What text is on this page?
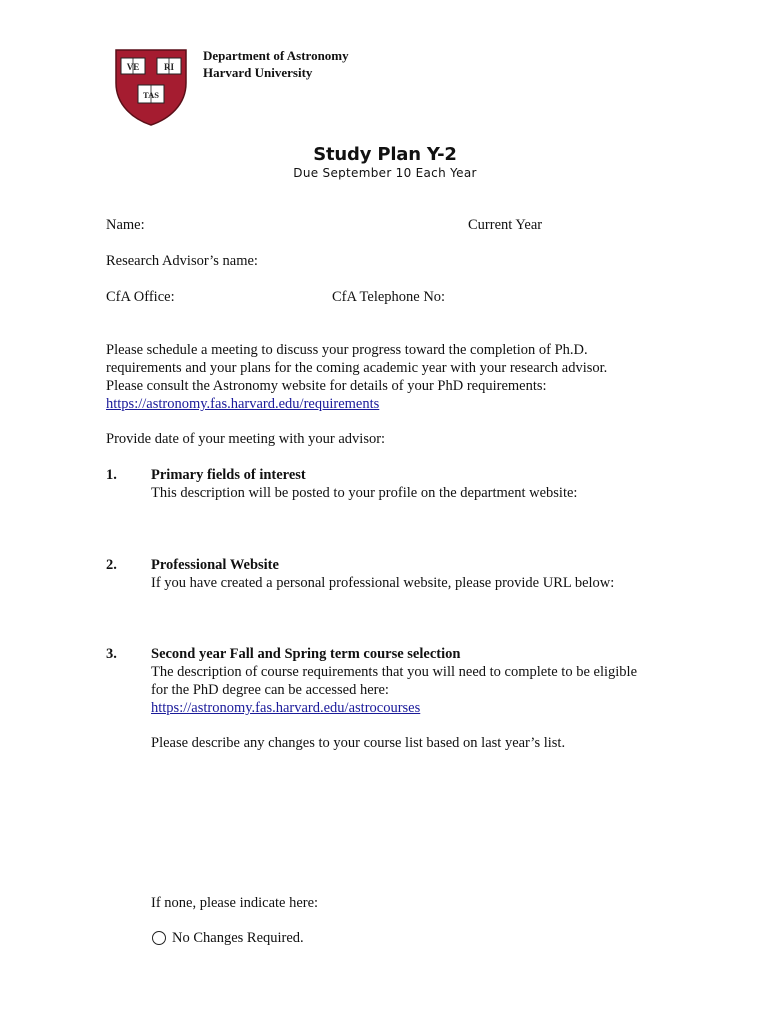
VE	RI
TAS
Department of Astronomy
Harvard University
Study Plan Y-2
Due September 10 Each Year
Name:	Current Year
Research Advisor’s name:
CfA Office:	CfA Telephone No:
Please schedule a meeting to discuss your progress toward the completion of Ph.D.
requirements and your plans for the coming academic year with your research advisor.
Please consult the Astronomy website for details of your PhD requirements:
https://astronomy.fas.harvard.edu/requirements
Provide date of your meeting with your advisor:
1. Primary fields of interest
This description will be posted to your profile on the department website:
2. Professional Website
If you have created a personal professional website, please provide URL below:
3. Second year Fall and Spring term course selection
The description of course requirements that you will need to complete to be eligible
for the PhD degree can be accessed here:
https://astronomy.fas.harvard.edu/astrocourses
Please describe any changes to your course list based on last year’s list.
If none, please indicate here:
No Changes Required.
